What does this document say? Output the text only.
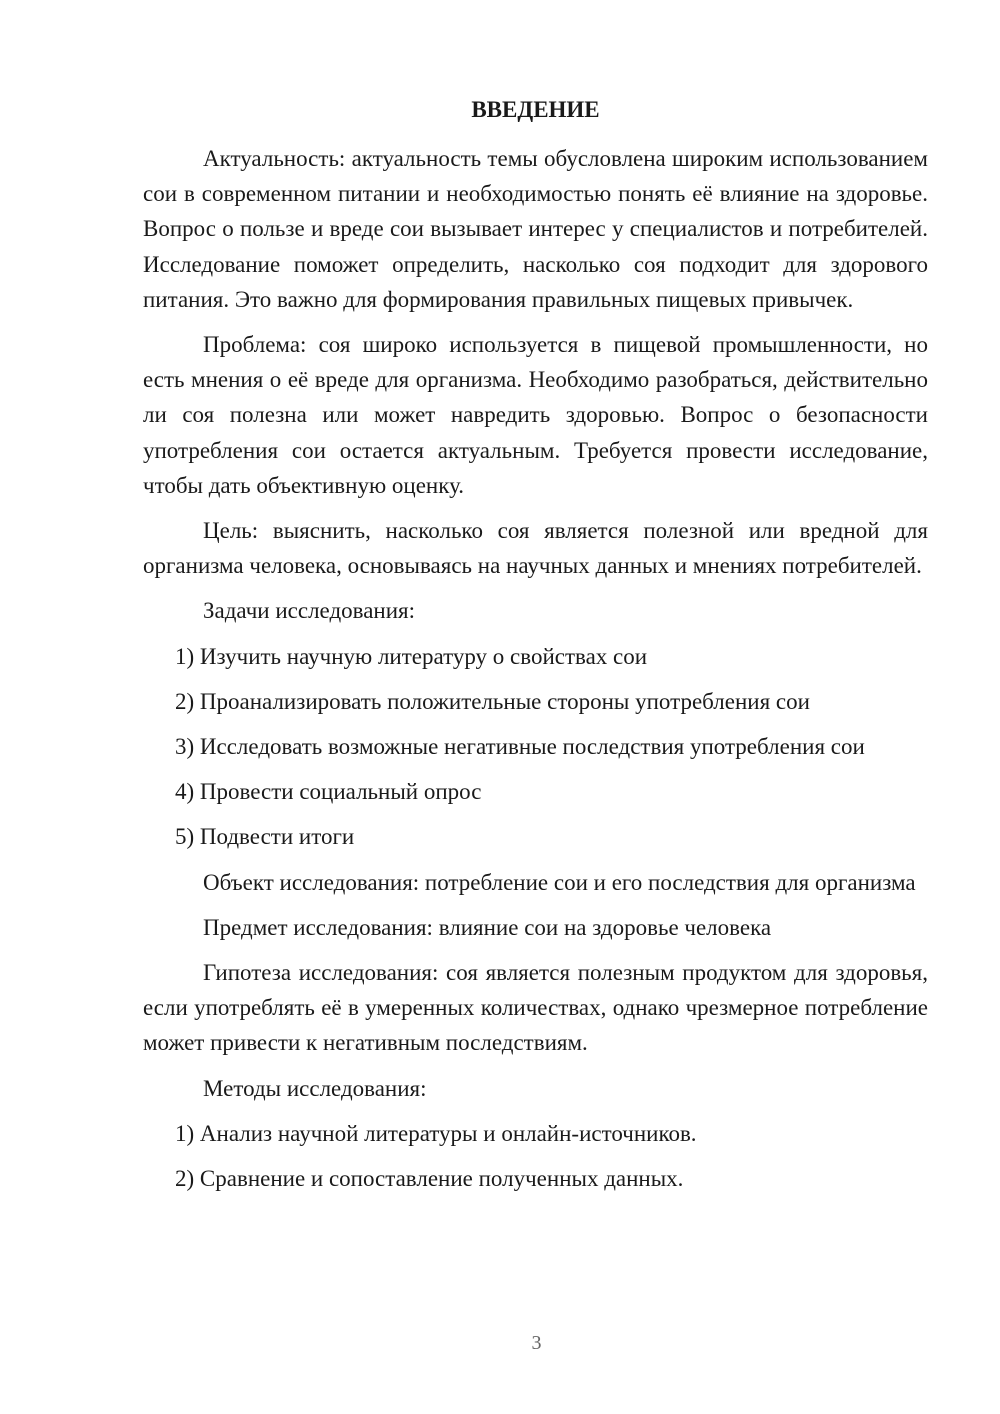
ВВЕДЕНИЕ

Актуальность: актуальность темы обусловлена широким использованием сои в современном питании и необходимостью понять её влияние на здоровье. Вопрос о пользе и вреде сои вызывает интерес у специалистов и потребителей. Исследование поможет определить, насколько соя подходит для здорового питания. Это важно для формирования правильных пищевых привычек.

Проблема: соя широко используется в пищевой промышленности, но есть мнения о её вреде для организма. Необходимо разобраться, действительно ли соя полезна или может навредить здоровью. Вопрос о безопасности употребления сои остается актуальным. Требуется провести исследование, чтобы дать объективную оценку.

Цель: выяснить, насколько соя является полезной или вредной для организма человека, основываясь на научных данных и мнениях потребителей.

Задачи исследования:

1) Изучить научную литературу о свойствах сои

2) Проанализировать положительные стороны употребления сои

3) Исследовать возможные негативные последствия употребления сои

4) Провести социальный опрос

5) Подвести итоги

Объект исследования: потребление сои и его последствия для организма

Предмет исследования: влияние сои на здоровье человека

Гипотеза исследования: соя является полезным продуктом для здоровья, если употреблять её в умеренных количествах, однако чрезмерное потребление может привести к негативным последствиям.

Методы исследования:

1) Анализ научной литературы и онлайн-источников.

2) Сравнение и сопоставление полученных данных.

3
